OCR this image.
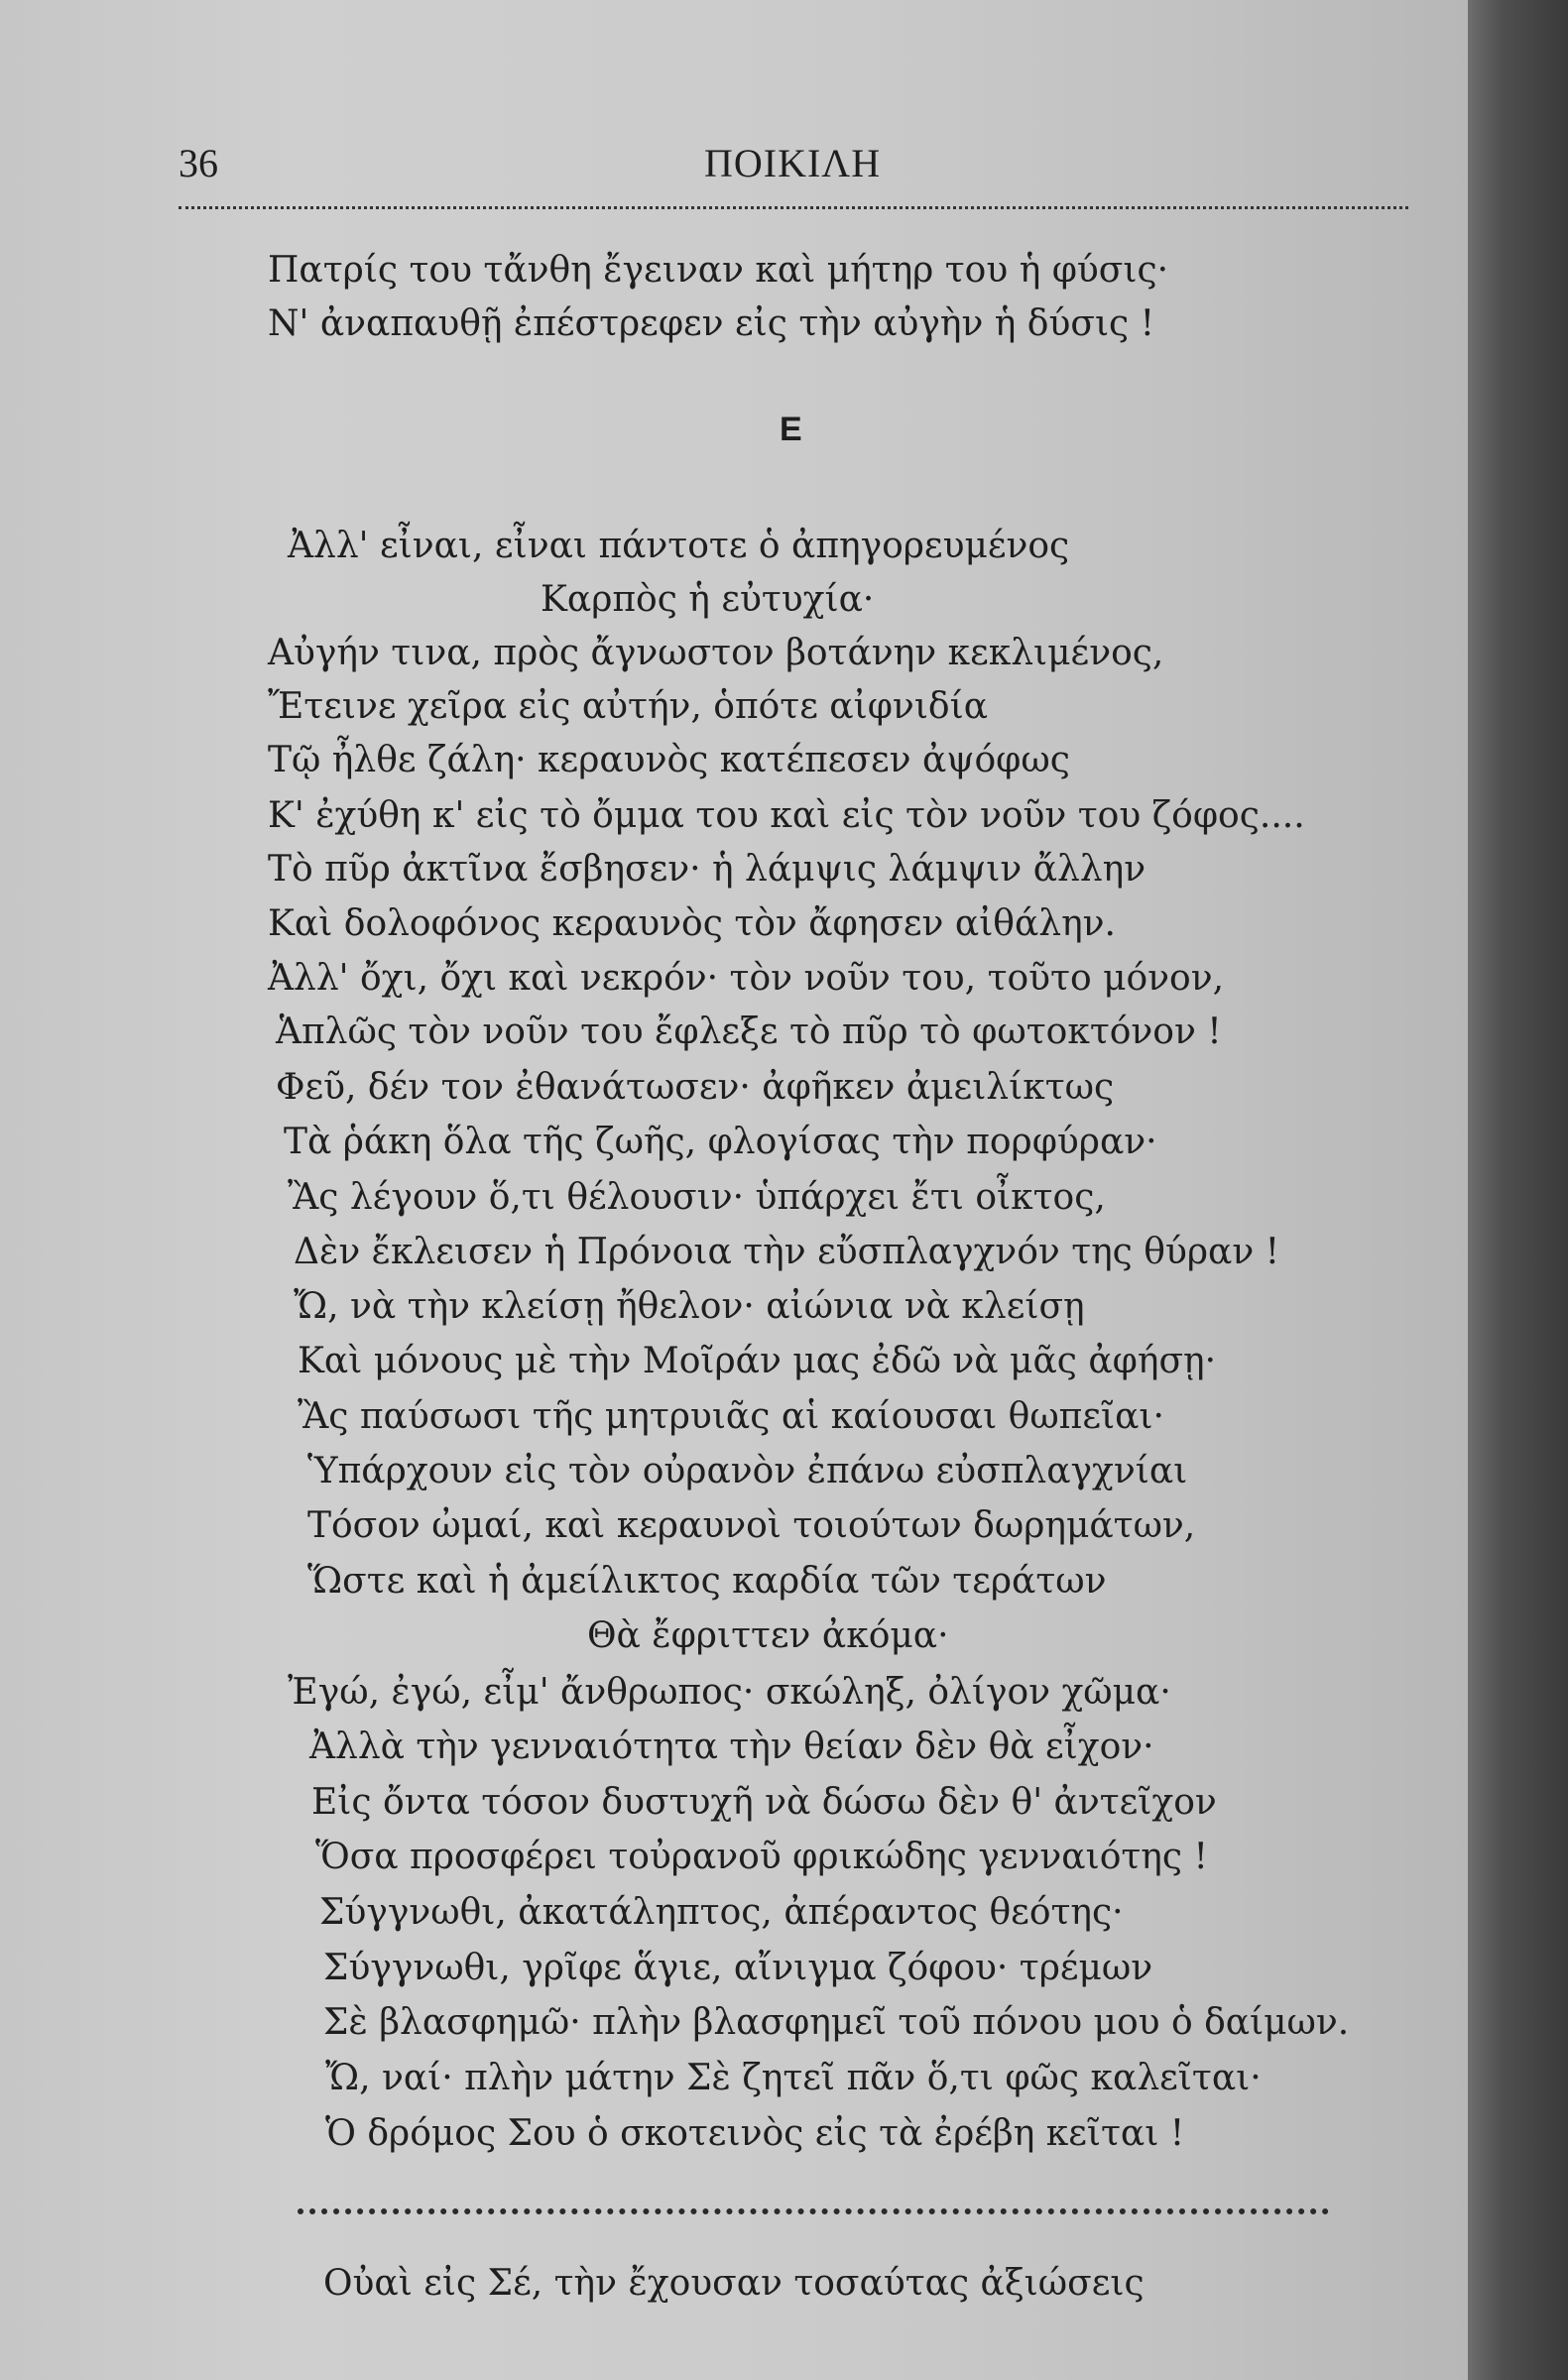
36	ΠΟΙΚΙΛΗ
Πατρίς του τἄνθη ἔγειναν καὶ μήτηρ του ἡ φύσις·
Ν' ἀναπαυθῇ ἐπέστρεφεν εἰς τὴν αὐγὴν ἡ δύσις !
Ε
Ἀλλ' εἶναι, εἶναι πάντοτε ὁ ἀπηγορευμένος
Καρπὸς ἡ εὐτυχία·
Αὐγήν τινα, πρὸς ἄγνωστον βοτάνην κεκλιμένος,
Ἔτεινε χεῖρα εἰς αὐτήν, ὁπότε αἰφνιδία
Τῷ ἦλθε ζάλη· κεραυνὸς κατέπεσεν ἀψόφως
Κ' ἐχύθη κ' εἰς τὸ ὄμμα του καὶ εἰς τὸν νοῦν του ζόφος....
Τὸ πῦρ ἀκτῖνα ἔσβησεν· ἡ λάμψις λάμψιν ἄλλην
Καὶ δολοφόνος κεραυνὸς τὸν ἄφησεν αἰθάλην.
Ἀλλ' ὄχι, ὄχι καὶ νεκρόν· τὸν νοῦν του, τοῦτο μόνον,
Ἁπλῶς τὸν νοῦν του ἔφλεξε τὸ πῦρ τὸ φωτοκτόνον !
Φεῦ, δέν τον ἐθανάτωσεν· ἀφῆκεν ἀμειλίκτως
Τὰ ῥάκη ὅλα τῆς ζωῆς, φλογίσας τὴν πορφύραν·
Ἂς λέγουν ὅ,τι θέλουσιν· ὑπάρχει ἔτι οἶκτος,
Δὲν ἔκλεισεν ἡ Πρόνοια τὴν εὔσπλαγχνόν της θύραν !
Ὤ, νὰ τὴν κλείσῃ ἤθελον· αἰώνια νὰ κλείσῃ
Καὶ μόνους μὲ τὴν Μοῖράν μας ἐδῶ νὰ μᾶς ἀφήσῃ·
Ἂς παύσωσι τῆς μητρυιᾶς αἱ καίουσαι θωπεῖαι·
Ὑπάρχουν εἰς τὸν οὐρανὸν ἐπάνω εὐσπλαγχνίαι
Τόσον ὠμαί, καὶ κεραυνοὶ τοιούτων δωρημάτων,
Ὥστε καὶ ἡ ἀμείλικτος καρδία τῶν τεράτων
Θὰ ἔφριττεν ἀκόμα·
Ἐγώ, ἐγώ, εἶμ' ἄνθρωπος· σκώληξ, ὀλίγον χῶμα·
Ἀλλὰ τὴν γενναιότητα τὴν θείαν δὲν θὰ εἶχον·
Εἰς ὄντα τόσον δυστυχῆ νὰ δώσω δὲν θ' ἀντεῖχον
Ὅσα προσφέρει τοὐρανοῦ φρικώδης γενναιότης !
Σύγγνωθι, ἀκατάληπτος, ἀπέραντος θεότης·
Σύγγνωθι, γρῖφε ἅγιε, αἴνιγμα ζόφου· τρέμων
Σὲ βλασφημῶ· πλὴν βλασφημεῖ τοῦ πόνου μου ὁ δαίμων.
Ὤ, ναί· πλὴν μάτην Σὲ ζητεῖ πᾶν ὅ,τι φῶς καλεῖται·
Ὁ δρόμος Σου ὁ σκοτεινὸς εἰς τὰ ἐρέβη κεῖται !
Οὐαὶ εἰς Σέ, τὴν ἔχουσαν τοσαύτας ἀξιώσεις
